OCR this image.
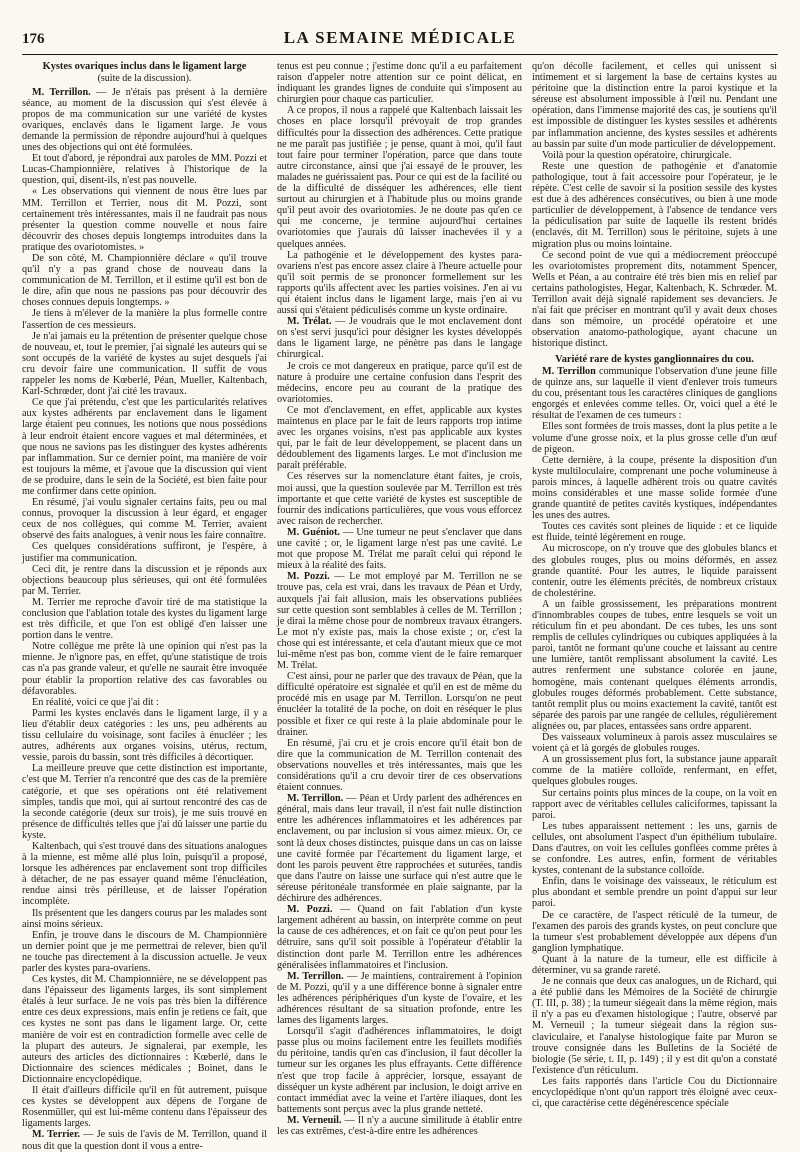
176	LA SEMAINE MÉDICALE
Kystes ovariques inclus dans le ligament large
(suite de la discussion).

M. Terrillon. — Je n'étais pas présent à la dernière séance, au moment de la discussion qui s'est élevée à propos de ma communication sur une variété de kystes ovariques, enclavés dans le ligament large. Je vous demande la permission de répondre aujourd'hui à quelques unes des objections qui ont été formulées.

Et tout d'abord, je répondrai aux paroles de MM. Pozzi et Lucas-Championnière, relatives à l'historique de la question, qui, disent-ils, n'est pas nouvelle.

« Les observations qui viennent de nous être lues par MM. Terrillon et Terrier, nous dit M. Pozzi, sont certainement très intéressantes, mais il ne faudrait pas nous présenter la question comme nouvelle et nous faire découvrir des choses depuis longtemps introduites dans la pratique des ovariotomistes. »

De son côté, M. Championnière déclare « qu'il trouve qu'il n'y a pas grand chose de nouveau dans la communication de M. Terrillon, et il estime qu'il est bon de le dire, afin que nous ne passions pas pour découvrir des choses connues depuis longtemps. »

Je tiens à m'élever de la manière la plus formelle contre l'assertion de ces messieurs.

Je n'ai jamais eu la prétention de présenter quelque chose de nouveau, et, tout le premier, j'ai signalé les auteurs qui se sont occupés de la variété de kystes au sujet desquels j'ai cru devoir faire une communication. Il suffit de vous rappeler les noms de Kœberlé, Péan, Mueller, Kaltenbach, Karl-Schrœder, dont j'ai cité les travaux.

Ce que j'ai prétendu, c'est que les particularités relatives aux kystes adhérents par enclavement dans le ligament large étaient peu connues, les notions que nous possédions à leur endroit étaient encore vagues et mal déterminées, et que nous ne savions pas les distinguer des kystes adhérents par inflammation. Sur ce dernier point, ma manière de voir est toujours la même, et j'avoue que la discussion qui vient de se produire, dans le sein de la Société, est bien faite pour me confirmer dans cette opinion.

En résumé, j'ai voulu signaler certains faits, peu ou mal connus, provoquer la discussion à leur égard, et engager ceux de nos collègues, qui comme M. Terrier, avaient observé des faits analogues, à venir nous les faire connaître.

Ces quelques considérations suffiront, je l'espère, à justifier ma communication.

Ceci dit, je rentre dans la discussion et je réponds aux objections beaucoup plus sérieuses, qui ont été formulées par M. Terrier.

M. Terrier me reproche d'avoir tiré de ma statistique la conclusion que l'ablation totale des kystes du ligament large est très difficile, et que l'on est obligé d'en laisser une portion dans le ventre.

Notre collègue me prête là une opinion qui n'est pas la mienne. Je n'ignore pas, en effet, qu'une statistique de trois cas n'a pas grande valeur, et qu'elle ne saurait être invoquée pour établir la proportion relative des cas favorables ou défavorables.

En réalité, voici ce que j'ai dit :

Parmi les kystes enclavés dans le ligament large, il y a lieu d'établir deux catégories : les uns, peu adhérents au tissu cellulaire du voisinage, sont faciles à énucléer ; les autres, adhérents aux organes voisins, utérus, rectum, vessie, parois du bassin, sont très difficiles à décortiquer.

La meilleure preuve que cette distinction est importante, c'est que M. Terrier n'a rencontré que des cas de la première catégorie, et que ses opérations ont été relativement simples, tandis que moi, qui ai surtout rencontré des cas de la seconde catégorie (deux sur trois), je me suis trouvé en présence de difficultés telles que j'ai dû laisser une partie du kyste.

Kaltenbach, qui s'est trouvé dans des situations analogues à la mienne, est même allé plus loin, puisqu'il a proposé, lorsque les adhérences par enclavement sont trop difficiles à détacher, de ne pas essayer quand même l'énucléation, rendue ainsi très périlleuse, et de laisser l'opération incomplète.

Ils présentent que les dangers courus par les malades sont ainsi moins sérieux.

Enfin, je trouve dans le discours de M. Championnière un dernier point que je me permettrai de relever, bien qu'il ne touche pas directement à la discussion actuelle. Je veux parler des kystes para-ovariens.

Ces kystes, dit M. Championnière, ne se développent pas dans l'épaisseur des ligaments larges, ils sont simplement étalés à leur surface. Je ne vois pas très bien la différence entre ces deux expressions, mais enfin je retiens ce fait, que ces kystes ne sont pas dans le ligament large. Or, cette manière de voir est en contradiction formelle avec celle de la plupart des auteurs. Je signalerai, par exemple, les auteurs des articles des dictionnaires : Kœberlé, dans le Dictionnaire des sciences médicales ; Boinet, dans le Dictionnaire encyclopédique.

Il était d'ailleurs difficile qu'il en fût autrement, puisque ces kystes se développent aux dépens de l'organe de Rosenmüller, qui est lui-même contenu dans l'épaisseur des ligaments larges.

M. Terrier. — Je suis de l'avis de M. Terrillon, quand il nous dit que la question dont il vous a entre-

tenus est peu connue ; j'estime donc qu'il a eu parfaitement raison d'appeler notre attention sur ce point délicat, en indiquant les grandes lignes de conduite qui s'imposent au chirurgien pour chaque cas particulier.

A ce propos, il nous a rappelé que Kaltenbach laissait les choses en place lorsqu'il prévoyait de trop grandes difficultés pour la dissection des adhérences. Cette pratique ne me paraît pas justifiée ; je pense, quant à moi, qu'il faut tout faire pour terminer l'opération, parce que dans toute autre circonstance, ainsi que j'ai essayé de le prouver, les malades ne guérissaient pas. Pour ce qui est de la facilité ou de la difficulté de disséquer les adhérences, elle tient surtout au chirurgien et à l'habitude plus ou moins grande qu'il peut avoir des ovariotomies. Je ne doute pas qu'en ce qui me concerne, je termine aujourd'hui certaines ovariotomies que j'aurais dû laisser inachevées il y a quelques années.

La pathogénie et le développement des kystes para-ovariens n'est pas encore assez claire à l'heure actuelle pour qu'il soit permis de se prononcer formellement sur les rapports qu'ils affectent avec les parties voisines. J'en ai vu qui étaient inclus dans le ligament large, mais j'en ai vu aussi qui s'étaient pédiculisés comme un kyste ordinaire.

M. Trélat. — Je voudrais que le mot enclavement dont on s'est servi jusqu'ici pour désigner les kystes développés dans le ligament large, ne pénètre pas dans le langage chirurgical.

Je crois ce mot dangereux en pratique, parce qu'il est de nature à produire une certaine confusion dans l'esprit des médecins, encore peu au courant de la pratique des ovariotomies.

Ce mot d'enclavement, en effet, applicable aux kystes maintenus en place par le fait de leurs rapports trop intime avec les organes voisins, n'est pas applicable aux kystes qui, par le fait de leur développement, se placent dans un dédoublement des ligaments larges. Le mot d'inclusion me paraît préférable.

Ces réserves sur la nomenclature étant faites, je crois, moi aussi, que la question soulevée par M. Terrillon est très importante et que cette variété de kystes est susceptible de fournir des indications particulières, que vous vous efforcez avec raison de rechercher.

M. Guéniot. — Une tumeur ne peut s'enclaver que dans une cavité ; or, le ligament large n'est pas une cavité. Le mot que propose M. Trélat me paraît celui qui répond le mieux à la réalité des faits.

M. Pozzi. — Le mot employé par M. Terrillon ne se trouve pas, cela est vrai, dans les travaux de Péan et Urdy, auxquels j'ai fait allusion, mais les observations publiées sur cette question sont semblables à celles de M. Terrillon ; je dirai la même chose pour de nombreux travaux étrangers. Le mot n'y existe pas, mais la chose existe ; or, c'est la chose qui est intéressante, et cela d'autant mieux que ce mot lui-même n'est pas bon, comme vient de le faire remarquer M. Trélat.

C'est ainsi, pour ne parler que des travaux de Péan, que la difficulté opératoire est signalée et qu'il en est de même du procédé mis en usage par M. Terrillon. Lorsqu'on ne peut énucléer la totalité de la poche, on doit en réséquer le plus possible et fixer ce qui reste à la plaie abdominale pour le drainer.

En résumé, j'ai cru et je crois encore qu'il était bon de dire que la communication de M. Terrillon contenait des observations nouvelles et très intéressantes, mais que les considérations qu'il a cru devoir tirer de ces observations étaient connues.

M. Terrillon. — Péan et Urdy parlent des adhérences en général, mais dans leur travail, il n'est fait nulle distinction entre les adhérences inflammatoires et les adhérences par enclavement, ou par inclusion si vous aimez mieux. Or, ce sont là deux choses distinctes, puisque dans un cas on laisse une cavité formée par l'écartement du ligament large, et dont les parois peuvent être rapprochées et suturées, tandis que dans l'autre on laisse une surface qui n'est autre que le séreuse péritonéale transformée en plaie saignante, par la déchirure des adhérences.

M. Pozzi. — Quand on fait l'ablation d'un kyste largement adhérent au bassin, on interprète comme on peut la cause de ces adhérences, et on fait ce qu'on peut pour les détruire, sans qu'il soit possible à l'opérateur d'établir la distinction dont parle M. Terrillon entre les adhérences généralisées inflammatoires et l'inclusion.

M. Terrillon. — Je maintiens, contrairement à l'opinion de M. Pozzi, qu'il y a une différence bonne à signaler entre les adhérences périphériques d'un kyste de l'ovaire, et les adhérences résultant de sa situation profonde, entre les lames des ligaments larges.

Lorsqu'il s'agit d'adhérences inflammatoires, le doigt passe plus ou moins facilement entre les feuillets modifiés du péritoine, tandis qu'en cas d'inclusion, il faut décoller la tumeur sur les organes les plus effrayants. Cette différence n'est que trop facile à apprécier, lorsque, essayant de disséquer un kyste adhérent par inclusion, le doigt arrive en contact immédiat avec la veine et l'artère iliaques, dont les battements sont perçus avec la plus grande netteté.

M. Verneuil. — Il n'y a aucune similitude à établir entre les cas extrêmes, c'est-à-dire entre les adhérences

qu'on décolle facilement, et celles qui unissent si intimement et si largement la base de certains kystes au péritoine que la distinction entre la paroi kystique et la séreuse est absolument impossible à l'œil nu. Pendant une opération, dans l'immense majorité des cas, je soutiens qu'il est impossible de distinguer les kystes sessiles et adhérents par inflammation ancienne, des kystes sessiles et adhérents au bassin par suite d'un mode particulier de développement.

Voilà pour la question opératoire, chirurgicale.

Reste une question de pathogénie et d'anatomie pathologique, tout à fait accessoire pour l'opérateur, je le répète. C'est celle de savoir si la position sessile des kystes est due à des adhérences consécutives, ou bien à une mode particulier de développement, à l'absence de tendance vers la pédiculisation par suite de laquelle ils restent bridés (enclavés, dit M. Terrillon) sous le péritoine, sujets à une migration plus ou moins lointaine.

Ce second point de vue qui a médiocrement préoccupé les ovariotomistes proprement dits, notamment Spencer, Wells et Péan, a au contraire été très bien mis en relief par certains pathologistes, Hegar, Kaltenbach, K. Schrœder. M. Terrillon avait déjà signalé rapidement ses devanciers. Je n'ai fait que préciser en montrant qu'il y avait deux choses dans son mémoire, un procédé opératoire et une observation anatomo-pathologique, ayant chacune un historique distinct.

Variété rare de kystes ganglionnaires du cou.

M. Terrillon communique l'observation d'une jeune fille de quinze ans, sur laquelle il vient d'enlever trois tumeurs du cou, présentant tous les caractères cliniques de ganglions engorgés et enlevées comme telles. Or, voici quel a été le résultat de l'examen de ces tumeurs :

Elles sont formées de trois masses, dont la plus petite a le volume d'une grosse noix, et la plus grosse celle d'un œuf de pigeon.

Cette dernière, à la coupe, présente la disposition d'un kyste multiloculaire, comprenant une poche volumineuse à parois minces, à laquelle adhèrent trois ou quatre cavités moins considérables et une masse solide formée d'une grande quantité de petites cavités kystiques, indépendantes les unes des autres.

Toutes ces cavités sont pleines de liquide : et ce liquide est fluide, teinté légèrement en rouge.

Au microscope, on n'y trouve que des globules blancs et des globules rouges, plus ou moins déformés, en assez grande quantité. Pour les autres, le liquide paraissent contenir, outre les éléments précités, de nombreux cristaux de cholestérine.

A un faible grossissement, les préparations montrent d'innombrables coupes de tubes, entre lesquels se voit un réticulum fin et peu abondant. De ces tubes, les uns sont remplis de cellules cylindriques ou cubiques appliquées à la paroi, tantôt ne formant qu'une couche et laissant au centre une lumière, tantôt remplissant absolument la cavité. Les autres renferment une substance colorée en jaune, homogène, mais contenant quelques éléments arrondis, globules rouges déformés probablement. Cette substance, tantôt remplit plus ou moins exactement la cavité, tantôt est séparée des parois par une rangée de cellules, régulièrement alignées ou, par places, entassées sans ordre apparent.

Des vaisseaux volumineux à parois assez musculaires se voient çà et là gorgés de globules rouges.

A un grossissement plus fort, la substance jaune apparaît comme de la matière colloïde, renfermant, en effet, quelques globules rouges.

Sur certains points plus minces de la coupe, on la voit en rapport avec de véritables cellules caliciformes, tapissant la paroi.

Les tubes apparaissent nettement : les uns, garnis de cellules, ont absolument l'aspect d'un épithélium tubulaire. Dans d'autres, on voit les cellules gonflées comme prêtes à se confondre. Les autres, enfin, forment de véritables kystes, contenant de la substance colloïde.

Enfin, dans le voisinage des vaisseaux, le réticulum est plus abondant et semble prendre un point d'appui sur leur paroi.

De ce caractère, de l'aspect réticulé de la tumeur, de l'examen des parois des grands kystes, on peut conclure que la tumeur s'est probablement développée aux dépens d'un ganglion lymphatique.

Quant à la nature de la tumeur, elle est difficile à déterminer, vu sa grande rareté.

Je ne connais que deux cas analogues, un de Richard, qui a été publié dans les Mémoires de la Société de chirurgie (T. III, p. 38) ; la tumeur siégeait dans la même région, mais il n'y a pas eu d'examen histologique ; l'autre, observé par M. Verneuil ; la tumeur siégeait dans la région sus-claviculaire, et l'analyse histologique faite par Muron se trouve consignée dans les Bulletins de la Société de biologie (5e série, t. II, p. 149) ; il y est dit qu'on a constaté l'existence d'un réticulum.

Les faits rapportés dans l'article Cou du Dictionnaire encyclopédique n'ont qu'un rapport très éloigné avec ceux-ci, que caractérise cette dégénérescence spéciale
